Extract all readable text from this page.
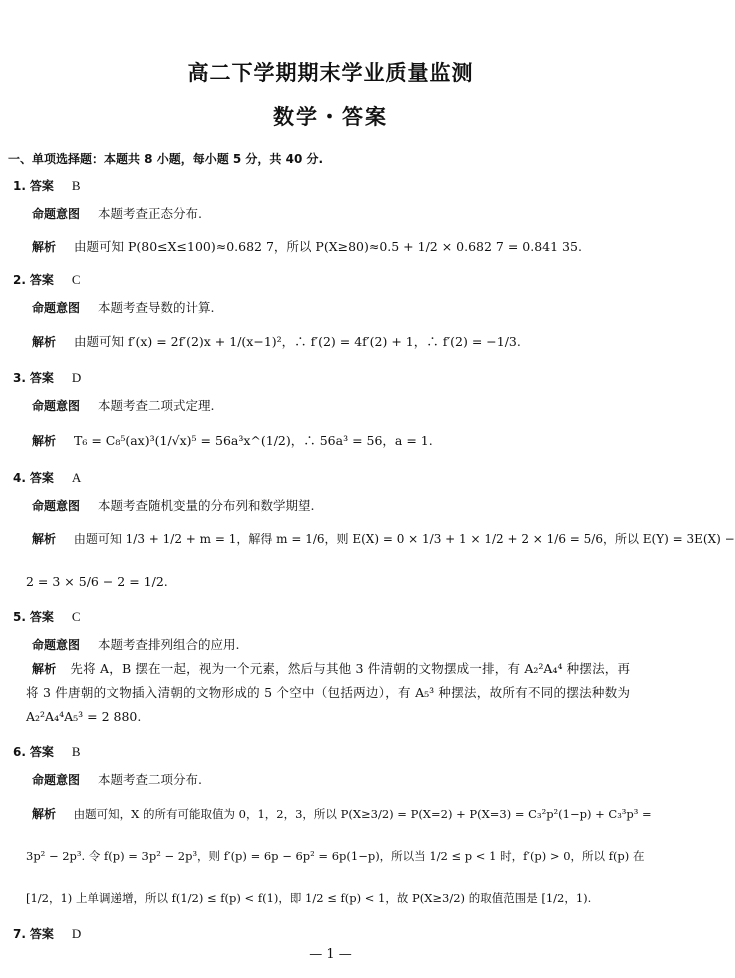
高二下学期期末学业质量监测
数学・答案
一、单项选择题：本题共 8 小题，每小题 5 分，共 40 分.
1. 答案 B
命题意图 本题考查正态分布.
解析 由题可知 P(80≤X≤100)≈0.682 7，所以 P(X≥80)≈0.5 + 1/2 × 0.682 7 = 0.841 35.
2. 答案 C
命题意图 本题考查导数的计算.
解析 由题可知 f′(x) = 2f′(2)x + 1/(x−1)²，∴ f′(2) = 4f′(2) + 1，∴ f′(2) = −1/3.
3. 答案 D
命题意图 本题考查二项式定理.
解析 T₆ = C₈⁵(ax)³(1/√x)⁵ = 56a³x^(1/2)，∴ 56a³ = 56，a = 1.
4. 答案 A
命题意图 本题考查随机变量的分布列和数学期望.
解析 由题可知 1/3 + 1/2 + m = 1，解得 m = 1/6，则 E(X) = 0 × 1/3 + 1 × 1/2 + 2 × 1/6 = 5/6，所以 E(Y) = 3E(X) −
2 = 3 × 5/6 − 2 = 1/2.
5. 答案 C
命题意图 本题考查排列组合的应用.
解析 先将 A，B 摆在一起，视为一个元素，然后与其他 3 件清朝的文物摆成一排，有 A₂²A₄⁴ 种摆法，再将 3 件唐朝的文物插入清朝的文物形成的 5 个空中（包括两边），有 A₅³ 种摆法，故所有不同的摆法种数为 A₂²A₄⁴A₅³ = 2 880.
6. 答案 B
命题意图 本题考查二项分布.
解析 由题可知，X 的所有可能取值为 0，1，2，3，所以 P(X≥3/2) = P(X=2) + P(X=3) = C₃²p²(1−p) + C₃³p³ =
3p² − 2p³. 令 f(p) = 3p² − 2p³，则 f′(p) = 6p − 6p² = 6p(1−p)，所以当 1/2 ≤ p < 1 时，f′(p) > 0，所以 f(p) 在
[1/2，1) 上单调递增，所以 f(1/2) ≤ f(p) < f(1)，即 1/2 ≤ f(p) < 1，故 P(X≥3/2) 的取值范围是 [1/2，1).
7. 答案 D
— 1 —
